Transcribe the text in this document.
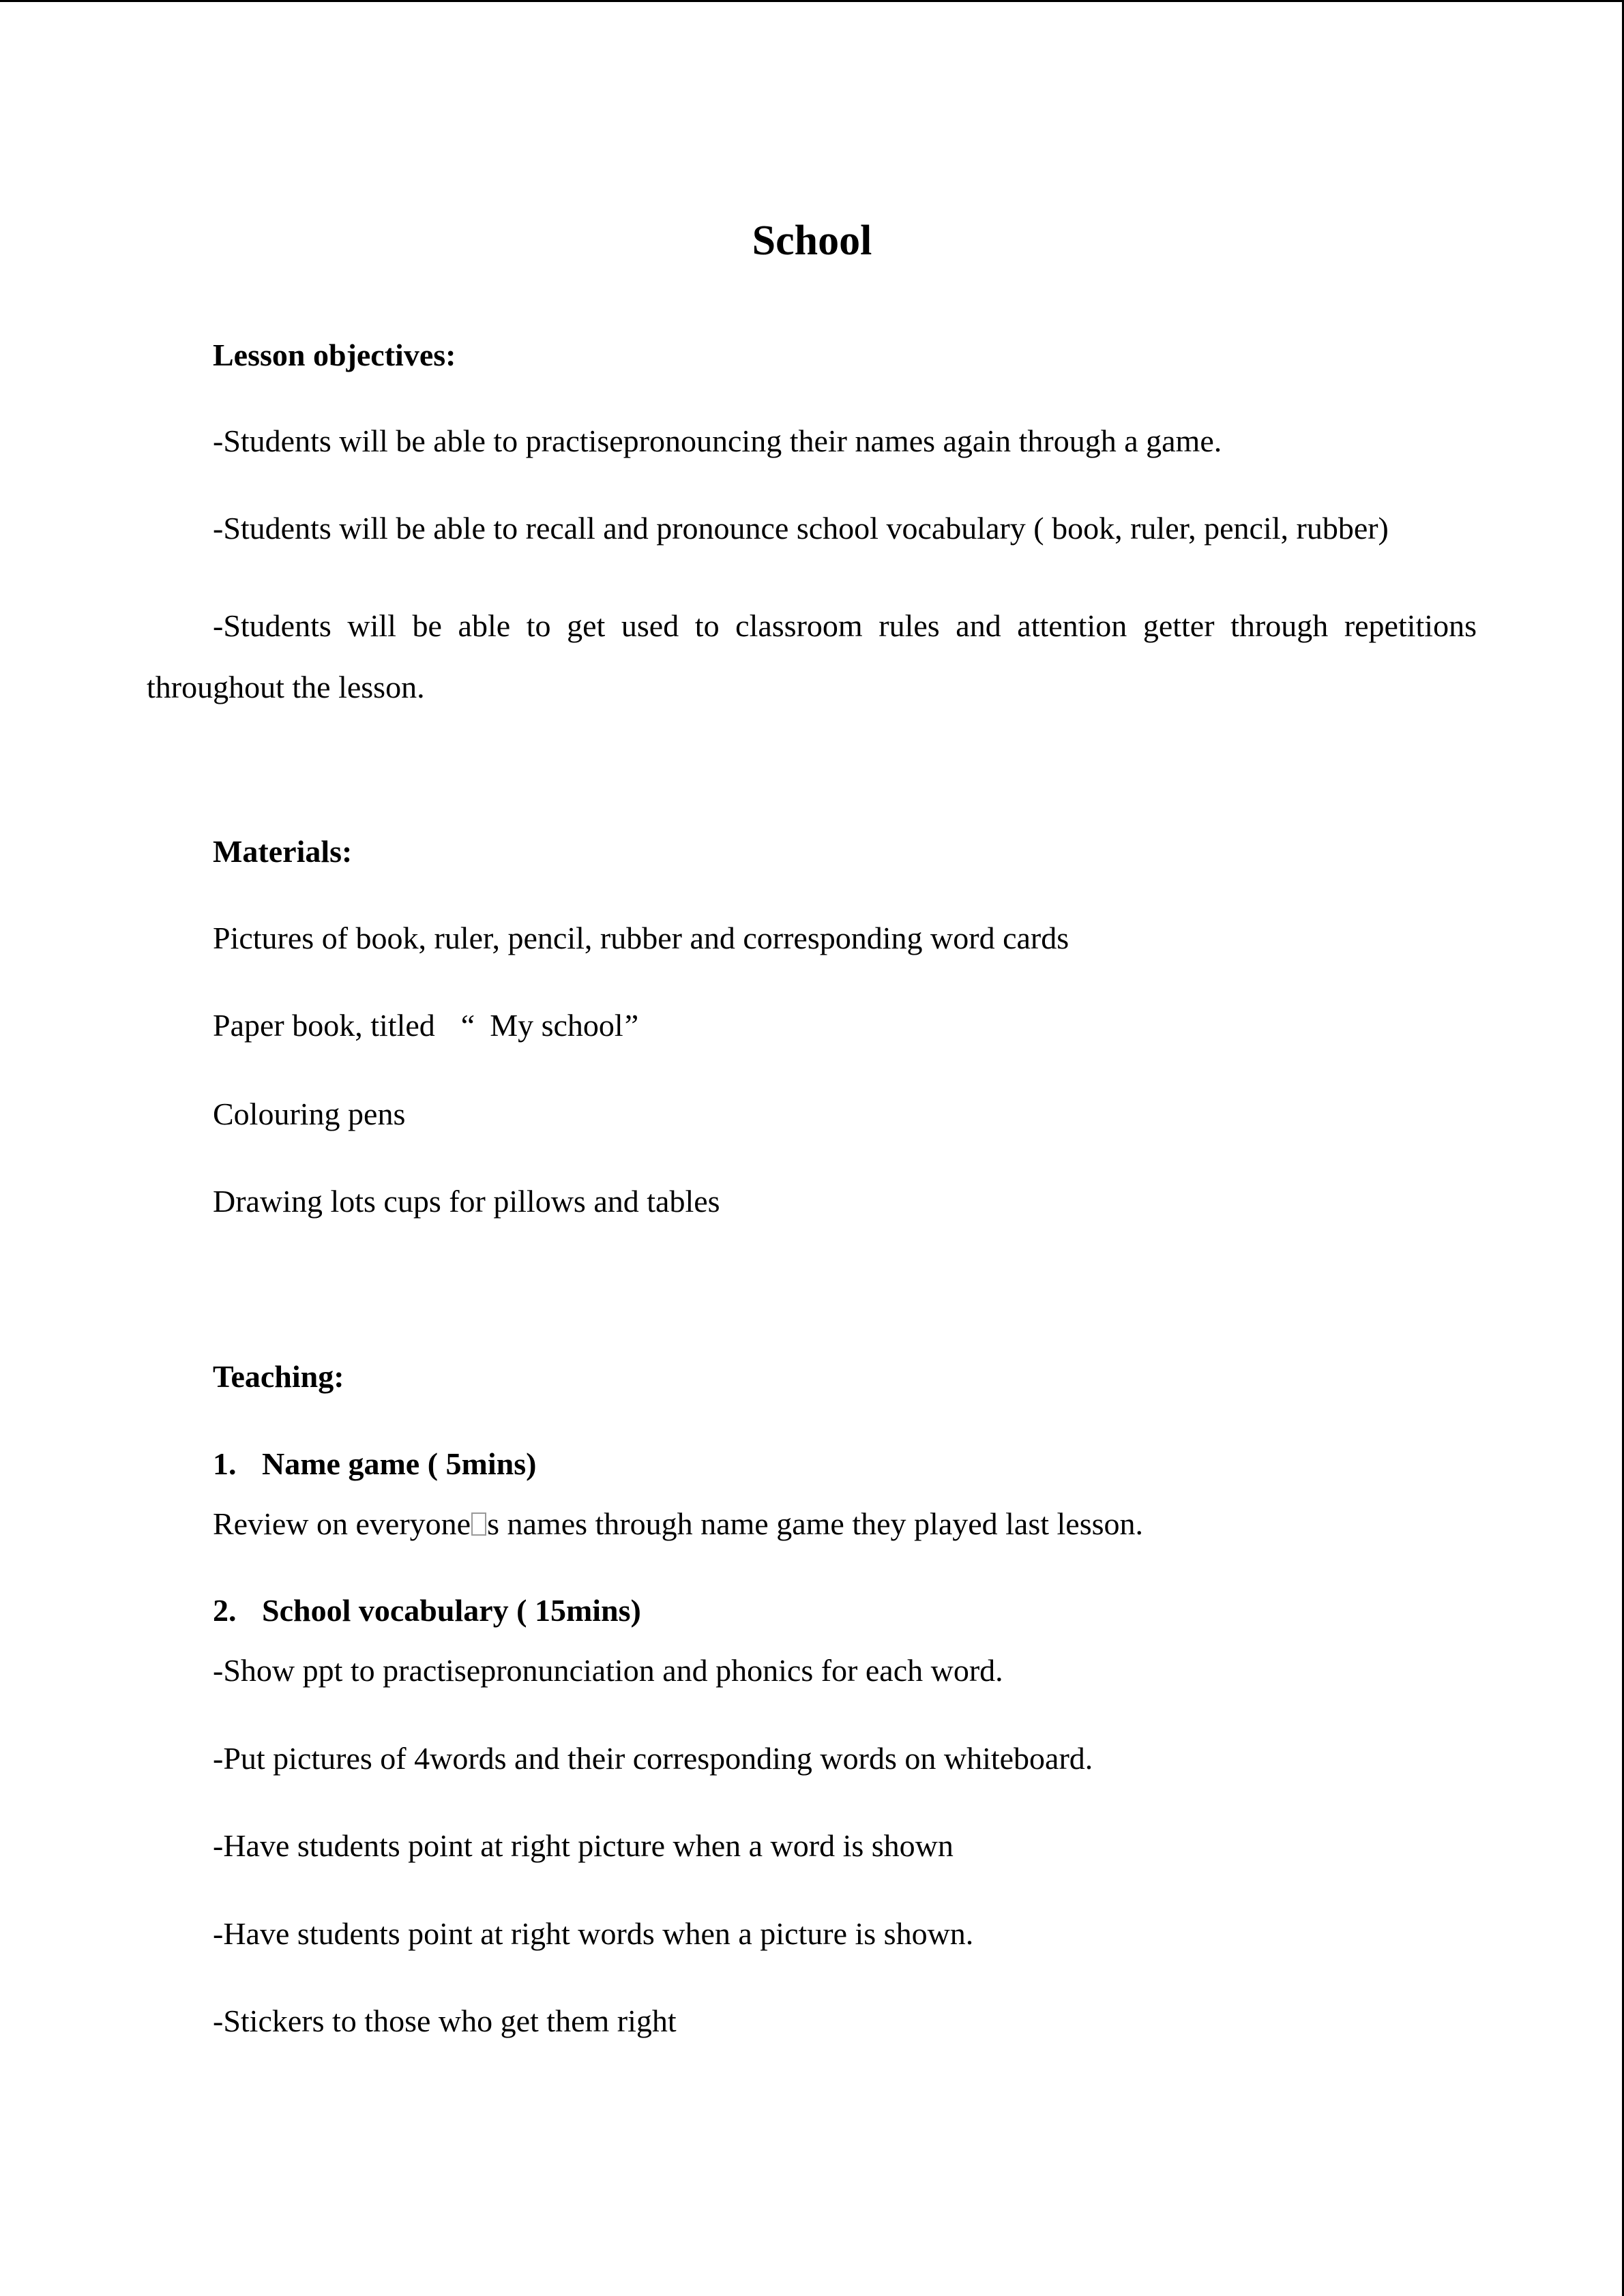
School
Lesson objectives:
-Students will be able to practisepronouncing their names again through a game.
-Students will be able to recall and pronounce school vocabulary ( book, ruler, pencil, rubber)
-Students will be able to get used to classroom rules and attention getter through repetitions throughout the lesson.
Materials:
Pictures of book, ruler, pencil, rubber and corresponding word cards
Paper book, titled “ My school”
Colouring pens
Drawing lots cups for pillows and tables
Teaching:
1. Name game ( 5mins)
Review on everyone s names through name game they played last lesson.
2. School vocabulary ( 15mins)
-Show ppt to practisepronunciation and phonics for each word.
-Put pictures of 4words and their corresponding words on whiteboard.
-Have students point at right picture when a word is shown
-Have students point at right words when a picture is shown.
-Stickers to those who get them right
